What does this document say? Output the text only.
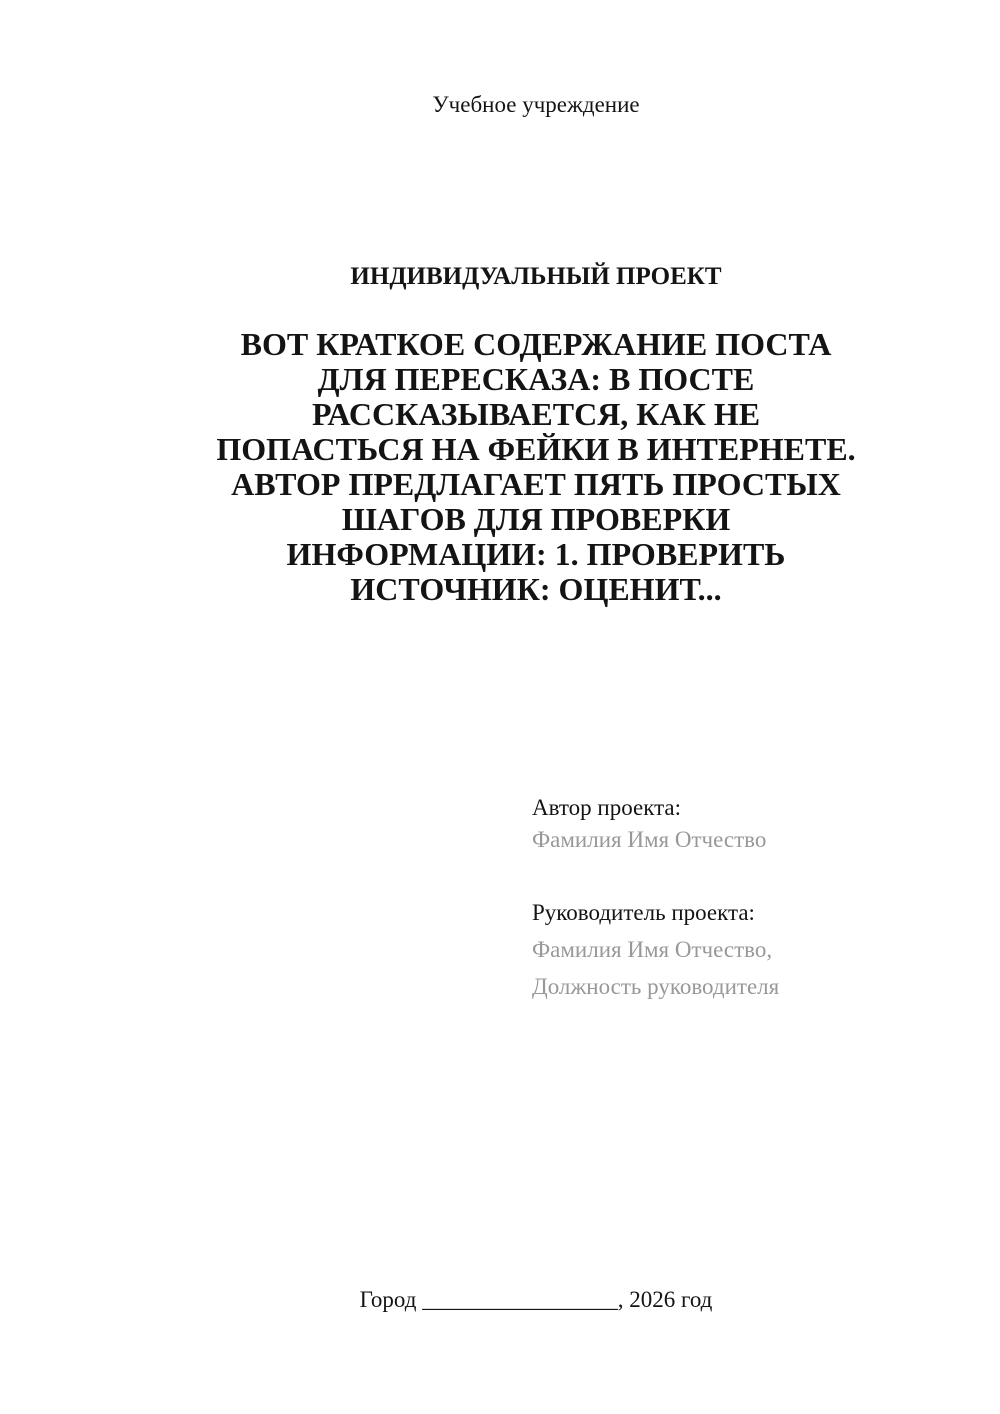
Учебное учреждение
ИНДИВИДУАЛЬНЫЙ ПРОЕКТ
ВОТ КРАТКОЕ СОДЕРЖАНИЕ ПОСТА
ДЛЯ ПЕРЕСКАЗА: В ПОСТЕ
РАССКАЗЫВАЕТСЯ, КАК НЕ
ПОПАСТЬСЯ НА ФЕЙКИ В ИНТЕРНЕТЕ.
АВТОР ПРЕДЛАГАЕТ ПЯТЬ ПРОСТЫХ
ШАГОВ ДЛЯ ПРОВЕРКИ
ИНФОРМАЦИИ: 1. ПРОВЕРИТЬ
ИСТОЧНИК: ОЦЕНИТ...
Автор проекта:
Фамилия Имя Отчество
Руководитель проекта:
Фамилия Имя Отчество,
Должность руководителя
Город _________________, 2026 год
